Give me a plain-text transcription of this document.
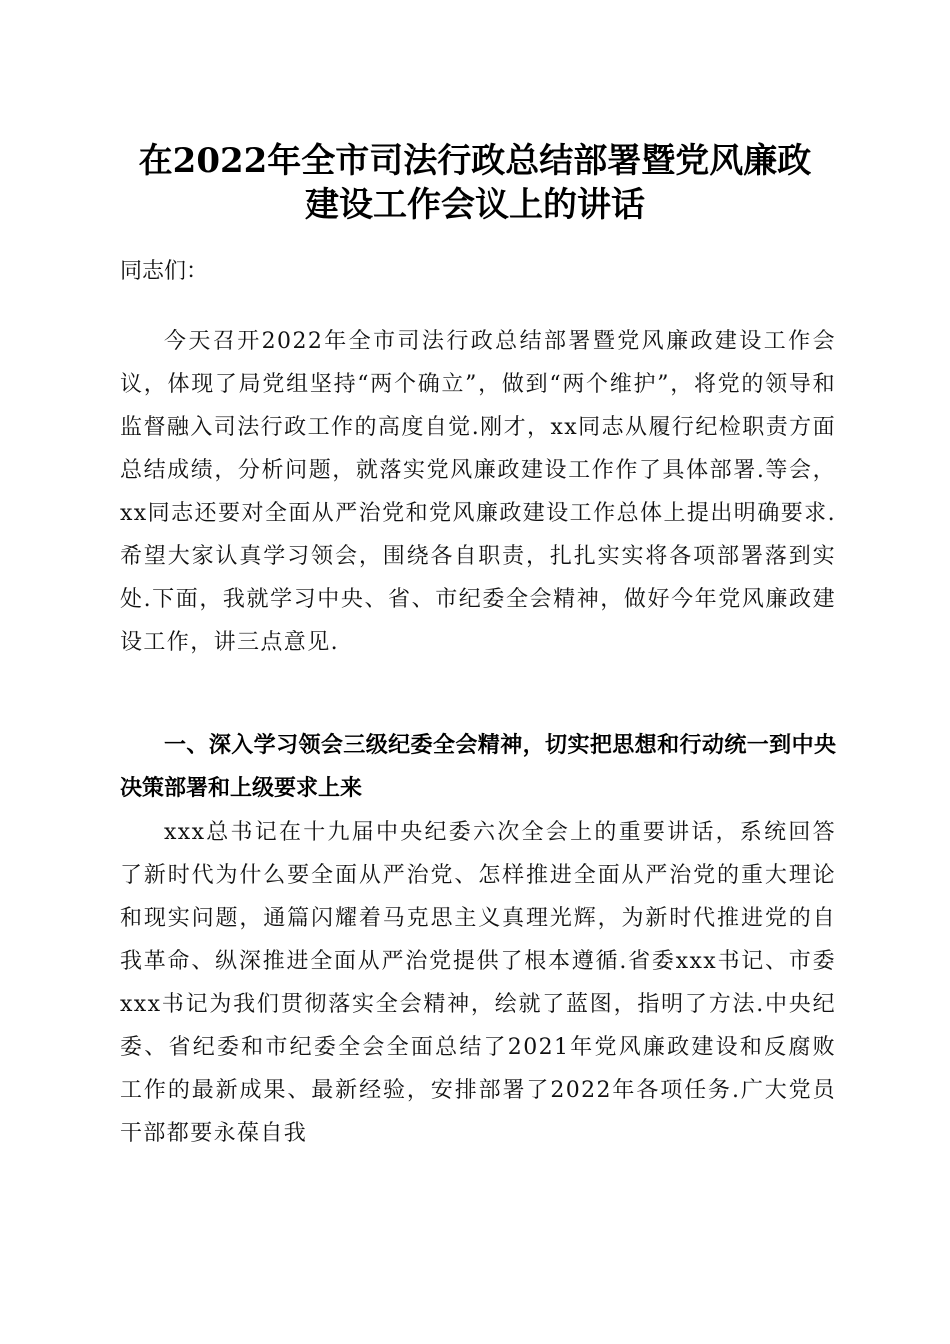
在2022年全市司法行政总结部署暨党风廉政
建设工作会议上的讲话

同志们：

今天召开2022年全市司法行政总结部署暨党风廉政建设工作会议，体现了局党组坚持“两个确立”，做到“两个维护”，将党的领导和监督融入司法行政工作的高度自觉.刚才，xx同志从履行纪检职责方面总结成绩，分析问题，就落实党风廉政建设工作作了具体部署.等会，xx同志还要对全面从严治党和党风廉政建设工作总体上提出明确要求.希望大家认真学习领会，围绕各自职责，扎扎实实将各项部署落到实处.下面，我就学习中央、省、市纪委全会精神，做好今年党风廉政建设工作，讲三点意见.

一、深入学习领会三级纪委全会精神，切实把思想和行动统一到中央决策部署和上级要求上来

xxx总书记在十九届中央纪委六次全会上的重要讲话，系统回答了新时代为什么要全面从严治党、怎样推进全面从严治党的重大理论和现实问题，通篇闪耀着马克思主义真理光辉，为新时代推进党的自我革命、纵深推进全面从严治党提供了根本遵循.省委xxx书记、市委xxx书记为我们贯彻落实全会精神，绘就了蓝图，指明了方法.中央纪委、省纪委和市纪委全会全面总结了2021年党风廉政建设和反腐败工作的最新成果、最新经验，安排部署了2022年各项任务.广大党员干部都要永葆自我
